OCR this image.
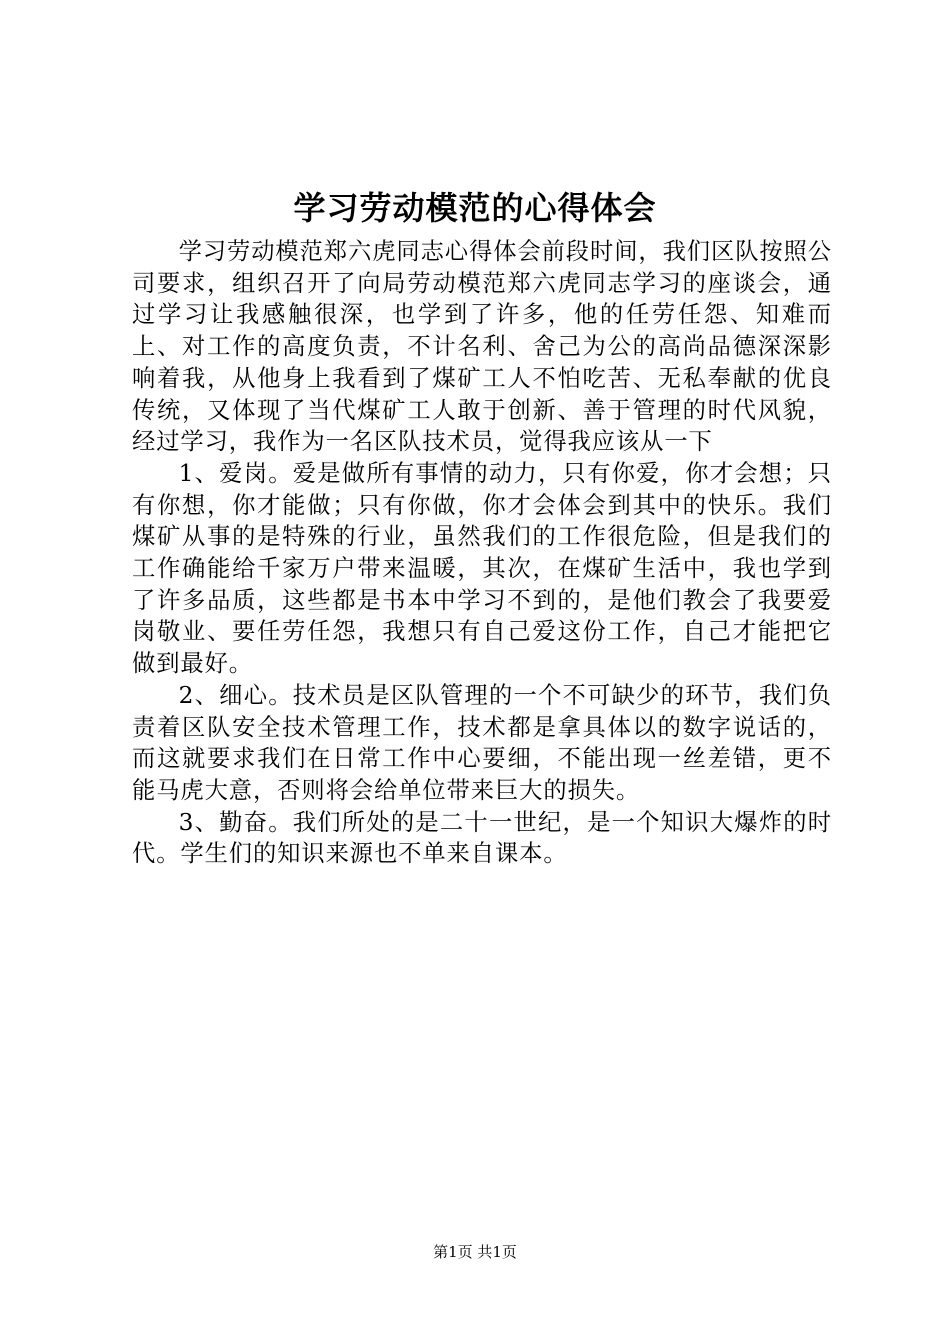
学习劳动模范的心得体会

学习劳动模范郑六虎同志心得体会前段时间，我们区队按照公司要求，组织召开了向局劳动模范郑六虎同志学习的座谈会，通过学习让我感触很深，也学到了许多，他的任劳任怨、知难而上、对工作的高度负责，不计名利、舍己为公的高尚品德深深影响着我，从他身上我看到了煤矿工人不怕吃苦、无私奉献的优良传统，又体现了当代煤矿工人敢于创新、善于管理的时代风貌，经过学习，我作为一名区队技术员，觉得我应该从一下

1、爱岗。爱是做所有事情的动力，只有你爱，你才会想；只有你想，你才能做；只有你做，你才会体会到其中的快乐。我们煤矿从事的是特殊的行业，虽然我们的工作很危险，但是我们的工作确能给千家万户带来温暖，其次，在煤矿生活中，我也学到了许多品质，这些都是书本中学习不到的，是他们教会了我要爱岗敬业、要任劳任怨，我想只有自己爱这份工作，自己才能把它做到最好。

2、细心。技术员是区队管理的一个不可缺少的环节，我们负责着区队安全技术管理工作，技术都是拿具体以的数字说话的，而这就要求我们在日常工作中心要细，不能出现一丝差错，更不能马虎大意，否则将会给单位带来巨大的损失。

3、勤奋。我们所处的是二十一世纪，是一个知识大爆炸的时代。学生们的知识来源也不单来自课本。

第1页 共1页
